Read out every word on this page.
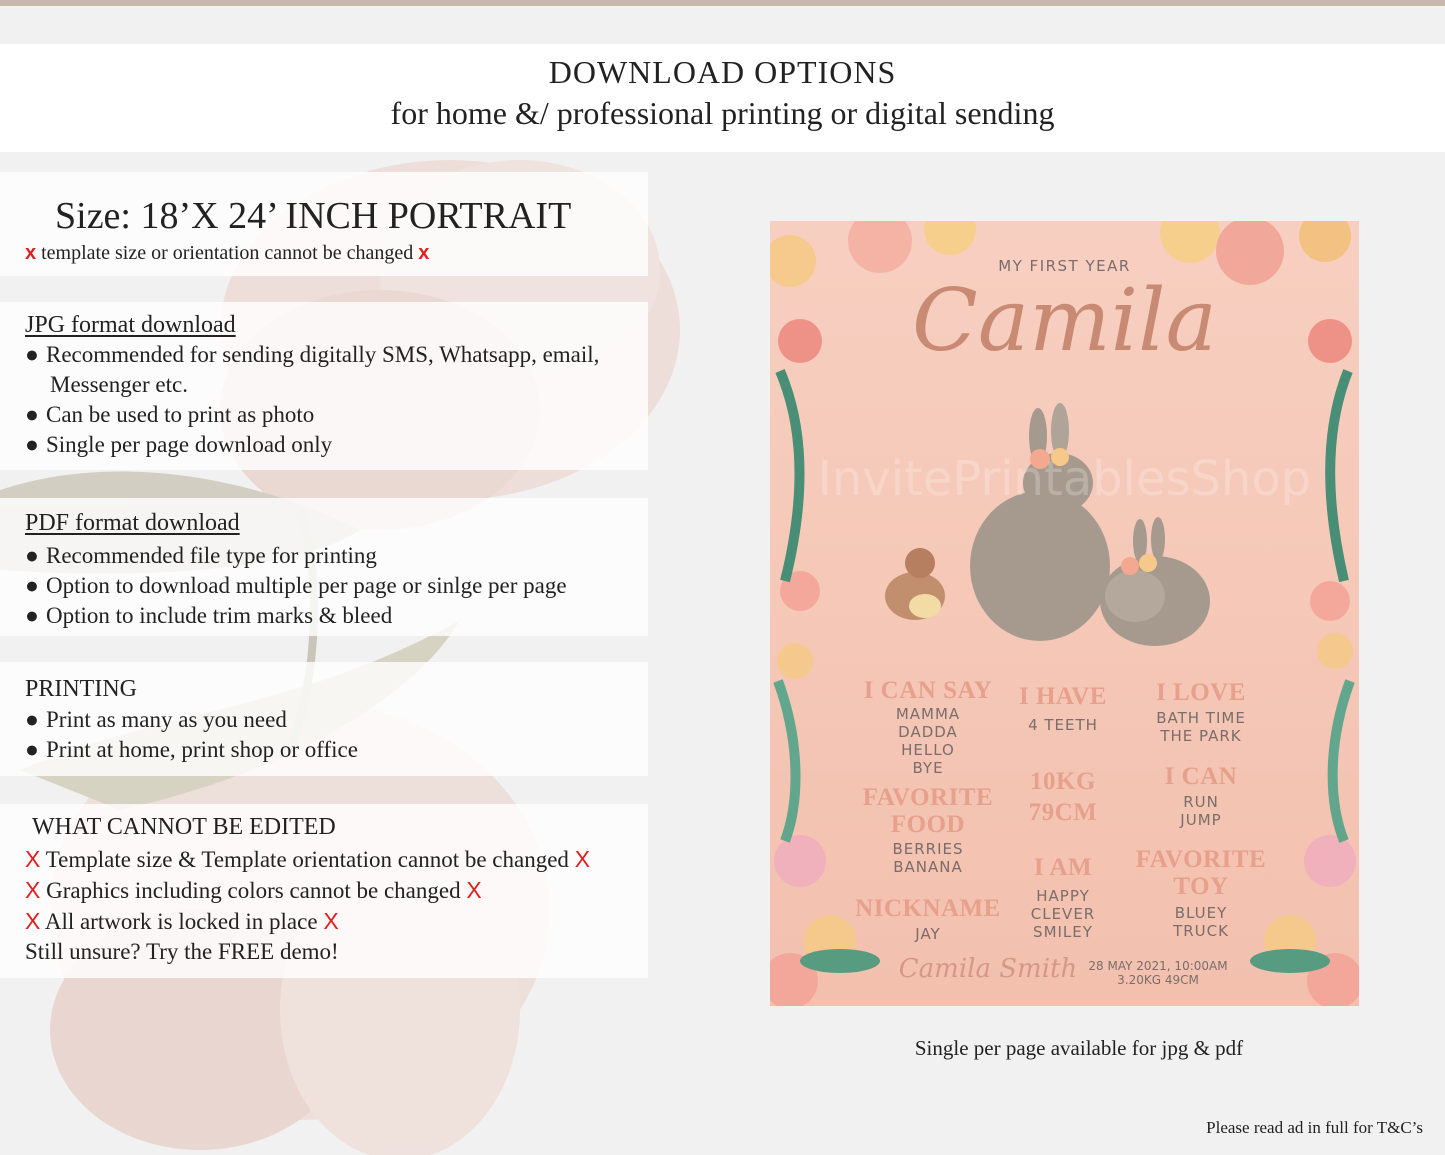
DOWNLOAD OPTIONS
for home &/ professional printing or digital sending
Size: 18’X 24’ INCH PORTRAIT
x template size or orientation cannot be changed x
JPG format download
● Recommended for sending digitally SMS, Whatsapp, email,
Messenger etc.
● Can be used to print as photo
● Single per page download only
PDF format download
● Recommended file type for printing
● Option to download multiple per page or sinlge per page
● Option to include trim marks & bleed
PRINTING
● Print as many as you need
● Print at home, print shop or office
WHAT CANNOT BE EDITED
X Template size & Template orientation cannot be changed X
X Graphics including colors cannot be changed X
X All artwork is locked in place X
Still unsure? Try the FREE demo!
MY FIRST YEAR
Camila
InvitePrintablesShop
I CAN SAY
MAMMA
DADDA
HELLO
BYE
FAVORITE FOOD
BERRIES
BANANA
NICKNAME
JAY
I HAVE
4 TEETH
10KG 79CM
I AM
HAPPY
CLEVER
SMILEY
I LOVE
BATH TIME
THE PARK
I CAN
RUN
JUMP
FAVORITE TOY
BLUEY
TRUCK
Camila Smith 28 MAY 2021, 10:00AM
3.20KG 49CM
Single per page available for jpg & pdf
Please read ad in full for T&C’s
